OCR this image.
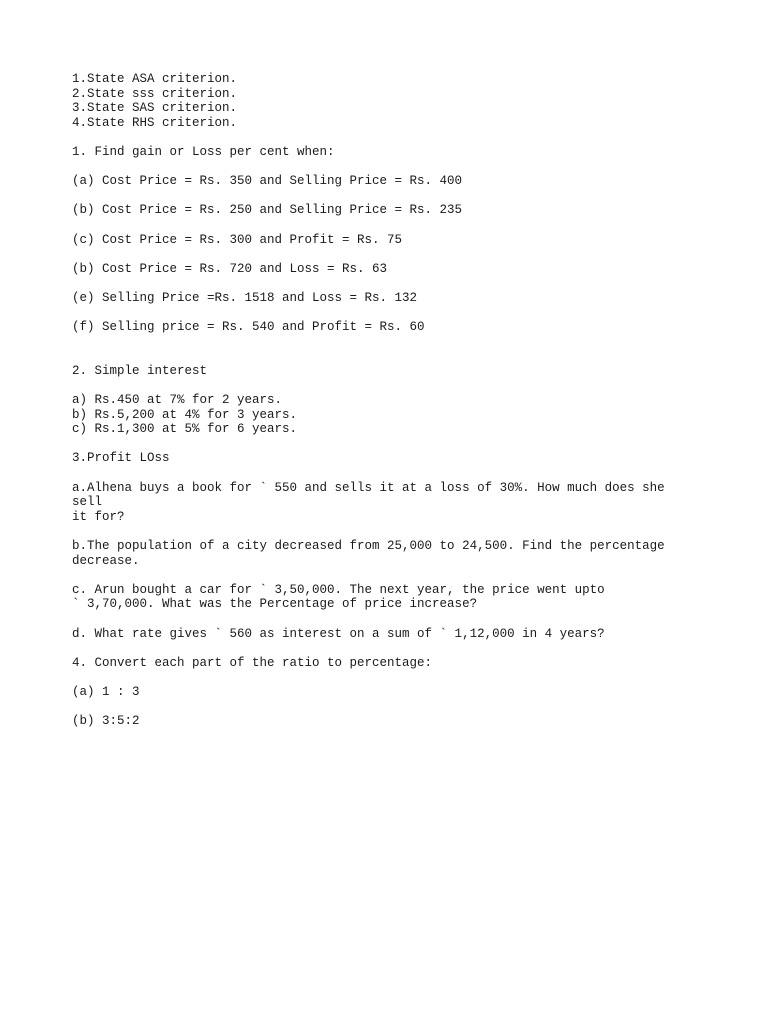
1.State ASA criterion.
2.State sss criterion.
3.State SAS criterion.
4.State RHS criterion.
1. Find gain or Loss per cent when:
(a) Cost Price = Rs. 350 and Selling Price = Rs. 400
(b) Cost Price = Rs. 250 and Selling Price = Rs. 235
(c) Cost Price = Rs. 300 and Profit = Rs. 75
(b) Cost Price = Rs. 720 and Loss = Rs. 63
(e) Selling Price =Rs. 1518 and Loss = Rs. 132
(f) Selling price = Rs. 540 and Profit = Rs. 60
2. Simple interest
a) Rs.450 at 7% for 2 years.
b) Rs.5,200 at 4% for 3 years.
c) Rs.1,300 at 5% for 6 years.
3.Profit LOss
a.Alhena buys a book for ` 550 and sells it at a loss of 30%. How much does she
sell
it for?
b.The population of a city decreased from 25,000 to 24,500. Find the percentage
decrease.
c. Arun bought a car for ` 3,50,000. The next year, the price went upto
` 3,70,000. What was the Percentage of price increase?
d. What rate gives ` 560 as interest on a sum of ` 1,12,000 in 4 years?
4. Convert each part of the ratio to percentage:
(a) 1 : 3
(b) 3:5:2
